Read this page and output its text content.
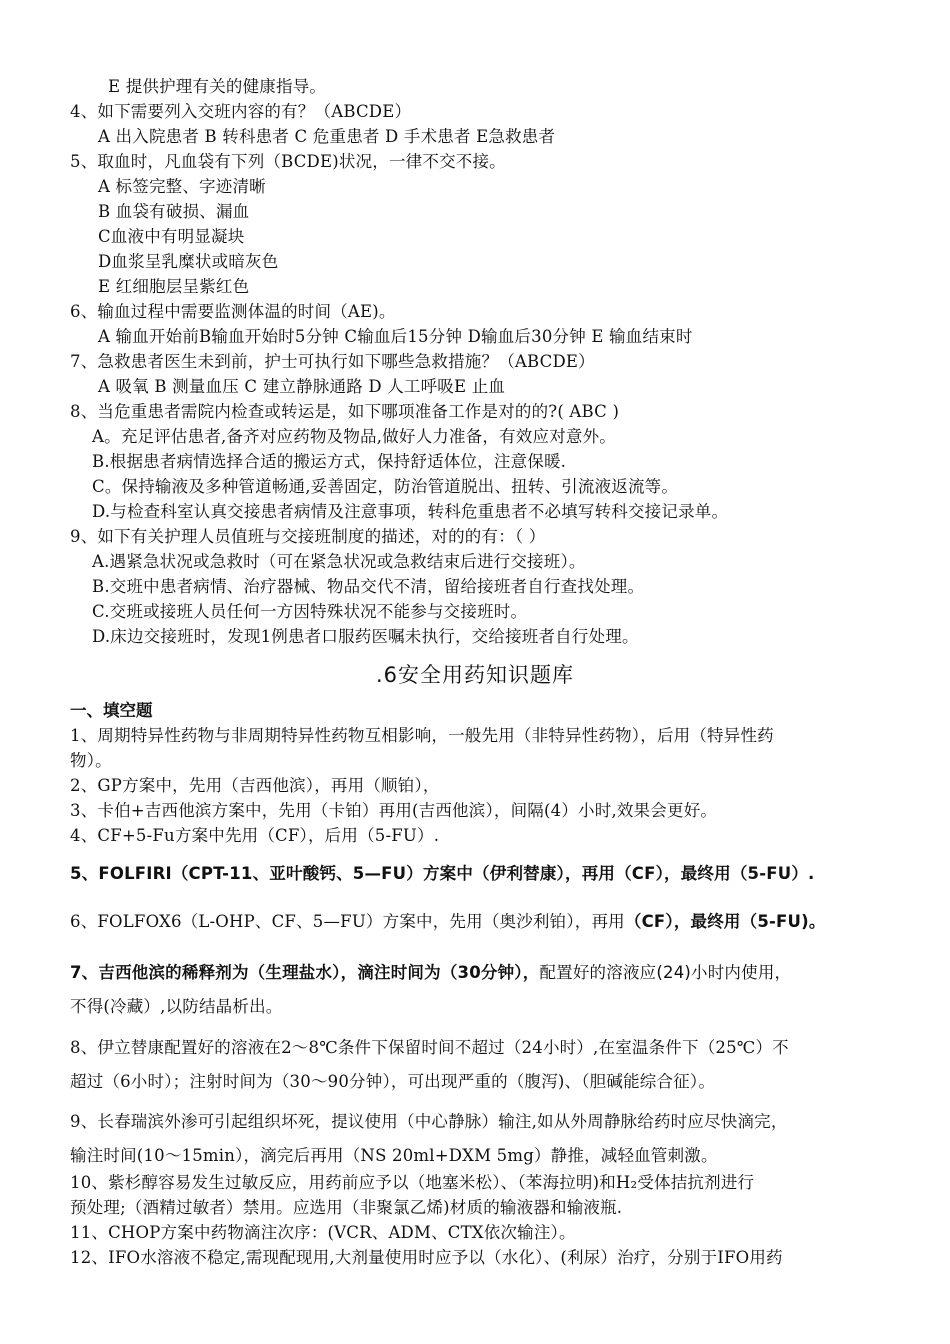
E 提供护理有关的健康指导。
4、如下需要列入交班内容的有？（ABCDE）
A 出入院患者 B 转科患者 C 危重患者 D 手术患者 E急救患者
5、取血时，凡血袋有下列（BCDE)状况，一律不交不接。
A 标签完整、字迹清晰
B 血袋有破损、漏血
C血液中有明显凝块
D血浆呈乳糜状或暗灰色
E 红细胞层呈紫红色
6、输血过程中需要监测体温的时间（AE)。
A 输血开始前B输血开始时5分钟 C输血后15分钟 D输血后30分钟 E 输血结束时
7、急救患者医生未到前，护士可执行如下哪些急救措施？（ABCDE）
A 吸氧 B 测量血压 C 建立静脉通路 D 人工呼吸E 止血
8、当危重患者需院内检查或转运是，如下哪项准备工作是对的的?( ABC )
A。充足评估患者,备齐对应药物及物品,做好人力准备，有效应对意外。
B.根据患者病情选择合适的搬运方式，保持舒适体位，注意保暖.
C。保持输液及多种管道畅通,妥善固定，防治管道脱出、扭转、引流液返流等。
D.与检查科室认真交接患者病情及注意事项，转科危重患者不必填写转科交接记录单。
9、如下有关护理人员值班与交接班制度的描述，对的的有：（ ）
A.遇紧急状况或急救时（可在紧急状况或急救结束后进行交接班）。
B.交班中患者病情、治疗器械、物品交代不清，留给接班者自行查找处理。
C.交班或接班人员任何一方因特殊状况不能参与交接班时。
D.床边交接班时，发现1例患者口服药医嘱未执行，交给接班者自行处理。
.6安全用药知识题库
一、填空题
1、周期特异性药物与非周期特异性药物互相影响，一般先用（非特异性药物），后用（特异性药
物）。
2、GP方案中，先用（吉西他滨），再用（顺铂），
3、卡伯+吉西他滨方案中，先用（卡铂）再用(吉西他滨），间隔(4）小时,效果会更好。
4、CF+5-Fu方案中先用（CF），后用（5-FU）.
5、FOLFIRI（CPT-11、亚叶酸钙、5—FU）方案中（伊利替康），再用（CF），最终用（5-FU）.
6、FOLFOX6（L-OHP、CF、5—FU）方案中，先用（奥沙利铂），再用（CF），最终用（5-FU)。
7、吉西他滨的稀释剂为（生理盐水），滴注时间为（30分钟），配置好的溶液应(24)小时内使用，
不得(冷藏）,以防结晶析出。
8、伊立替康配置好的溶液在2～8℃条件下保留时间不超过（24小时）,在室温条件下（25℃）不
超过（6小时）；注射时间为（30～90分钟），可出现严重的（腹泻)、（胆碱能综合征）。
9、长春瑞滨外渗可引起组织坏死，提议使用（中心静脉）输注,如从外周静脉给药时应尽快滴完，
输注时间(10～15min），滴完后再用（NS 20ml+DXM 5mg）静推，减轻血管刺激。
10、紫杉醇容易发生过敏反应，用药前应予以（地塞米松）、（苯海拉明)和H₂受体拮抗剂进行
预处理;（酒精过敏者）禁用。应选用（非聚氯乙烯)材质的输液器和输液瓶.
11、CHOP方案中药物滴注次序：(VCR、ADM、CTX依次输注）。
12、IFO水溶液不稳定,需现配现用,大剂量使用时应予以（水化）、(利尿）治疗，分别于IFO用药
